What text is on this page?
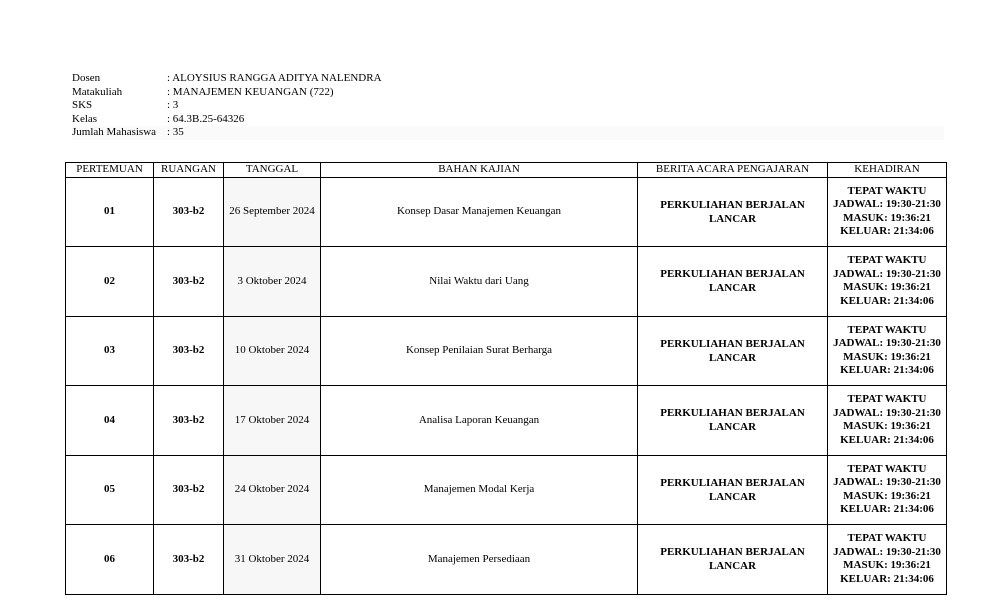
Dosen	: ALOYSIUS RANGGA ADITYA NALENDRA
Matakuliah	: MANAJEMEN KEUANGAN (722)
SKS	: 3
Kelas	: 64.3B.25-64326
Jumlah Mahasiswa : 35
PERTEMUAN	RUANGAN	TANGGAL	BAHAN KAJIAN	BERITA ACARA PENGAJARAN	KEHADIRAN
01	303-b2	26 September 2024	Konsep Dasar Manajemen Keuangan	PERKULIAHAN BERJALAN LANCAR	TEPAT WAKTU
JADWAL: 19:30-21:30
MASUK: 19:36:21
KELUAR: 21:34:06

02	303-b2	3 Oktober 2024	Nilai Waktu dari Uang	PERKULIAHAN BERJALAN LANCAR	TEPAT WAKTU
JADWAL: 19:30-21:30
MASUK: 19:36:21
KELUAR: 21:34:06

03	303-b2	10 Oktober 2024	Konsep Penilaian Surat Berharga	PERKULIAHAN BERJALAN LANCAR	TEPAT WAKTU
JADWAL: 19:30-21:30
MASUK: 19:36:21
KELUAR: 21:34:06

04	303-b2	17 Oktober 2024	Analisa Laporan Keuangan	PERKULIAHAN BERJALAN LANCAR	TEPAT WAKTU
JADWAL: 19:30-21:30
MASUK: 19:36:21
KELUAR: 21:34:06

05	303-b2	24 Oktober 2024	Manajemen Modal Kerja	PERKULIAHAN BERJALAN LANCAR	TEPAT WAKTU
JADWAL: 19:30-21:30
MASUK: 19:36:21
KELUAR: 21:34:06

06	303-b2	31 Oktober 2024	Manajemen Persediaan	PERKULIAHAN BERJALAN LANCAR	TEPAT WAKTU
JADWAL: 19:30-21:30
MASUK: 19:36:21
KELUAR: 21:34:06
